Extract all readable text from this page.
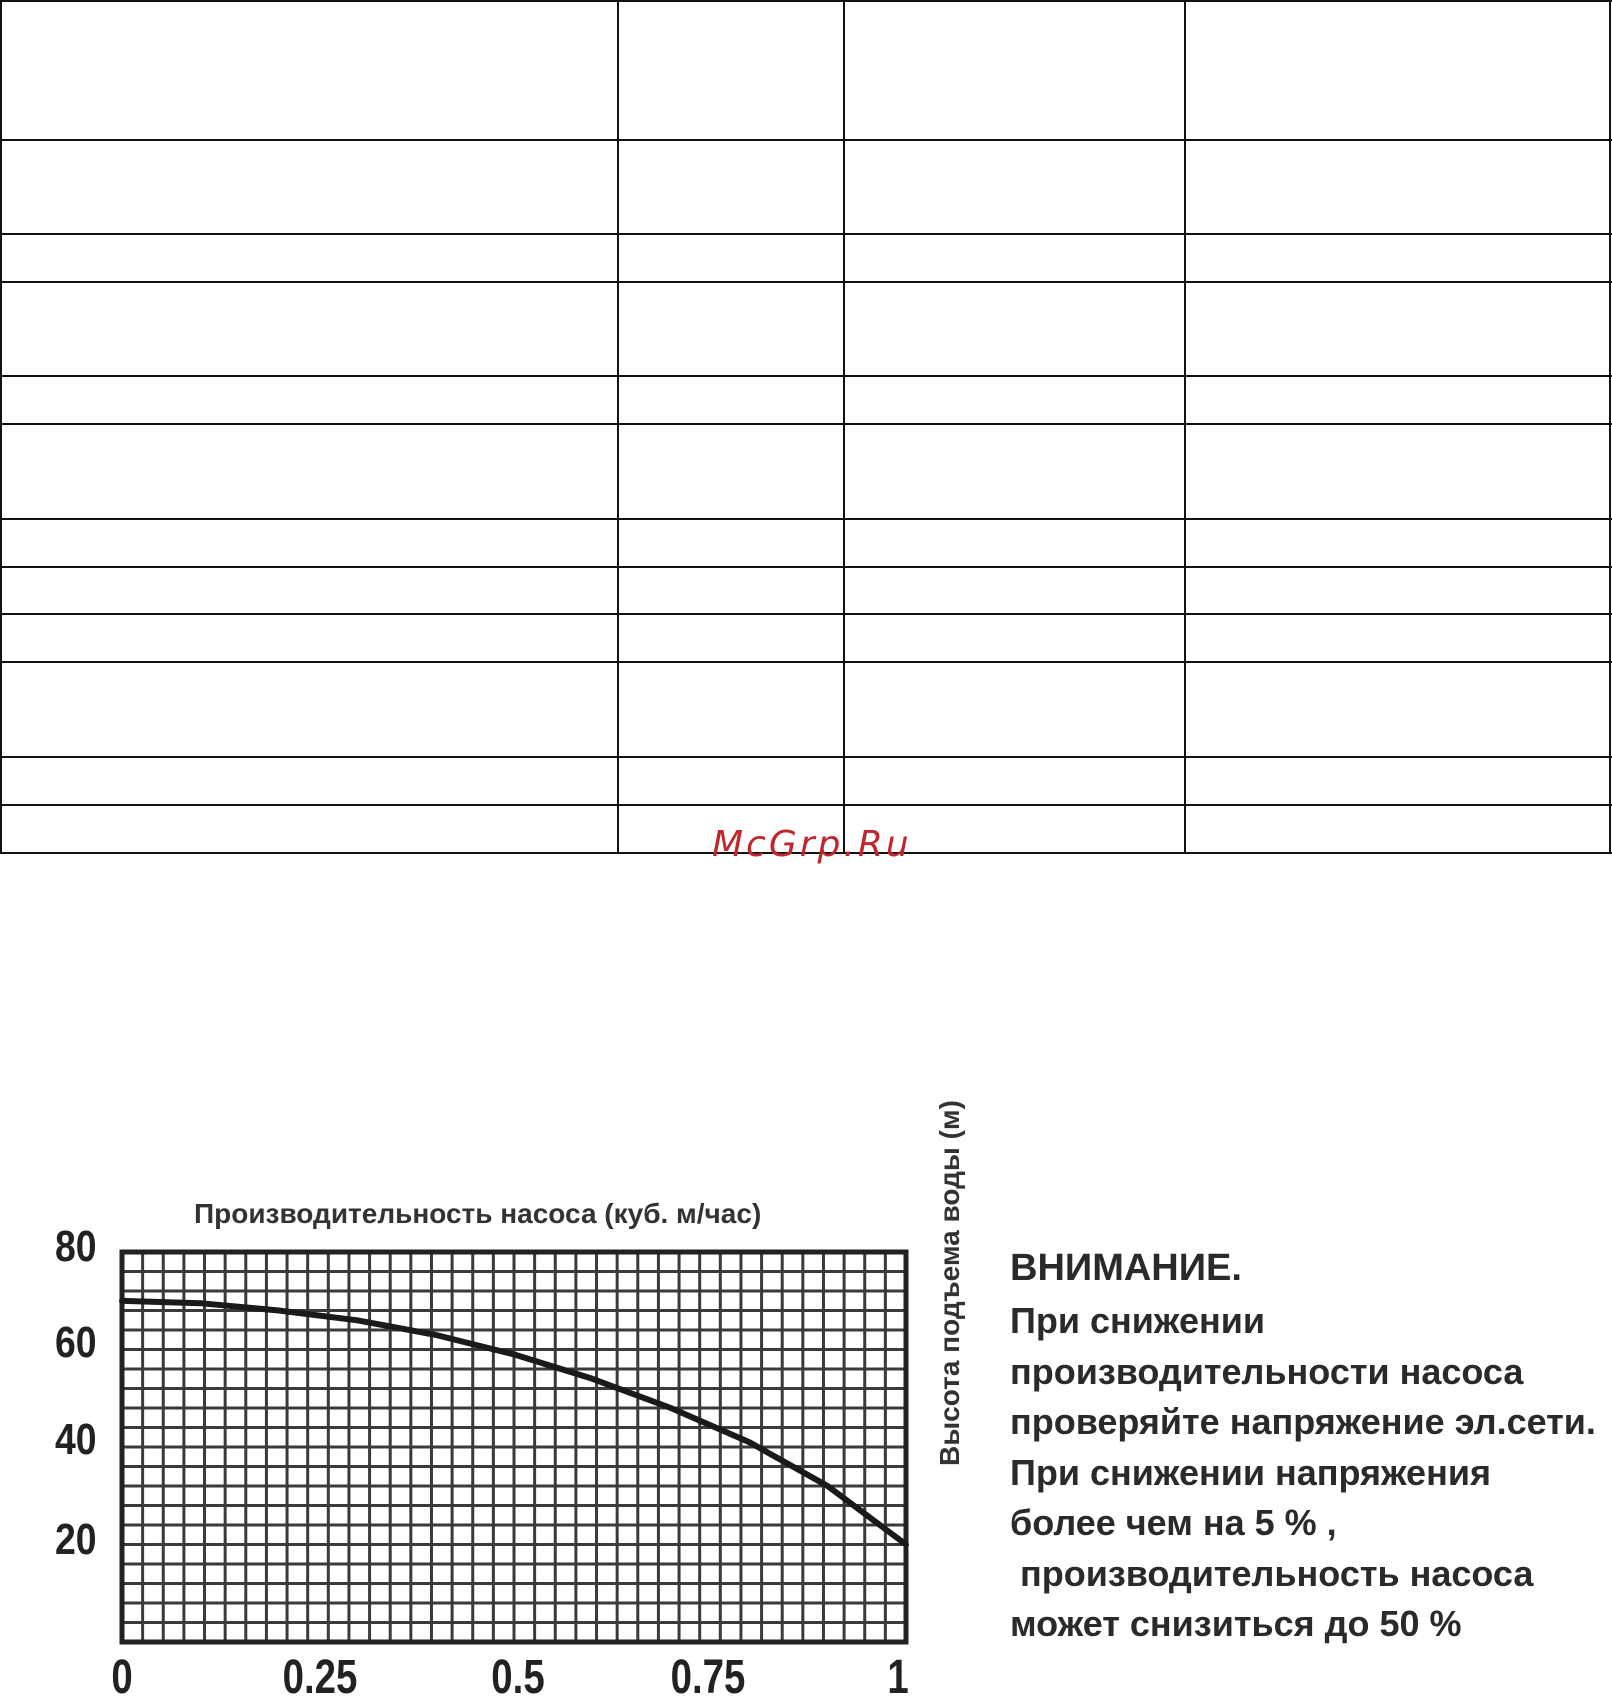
McGrp.Ru
Производительность насоса (куб. м/час)
80
60
40
20
0	0.25	0.5	0.75	1
Высота подъема воды (м) ВНИМАНИЕ.
При снижении
производительности насоса
проверяйте напряжение эл.сети.
При снижении напряжения
более чем на 5 % ,
производительность насоса
может снизиться до 50 %
